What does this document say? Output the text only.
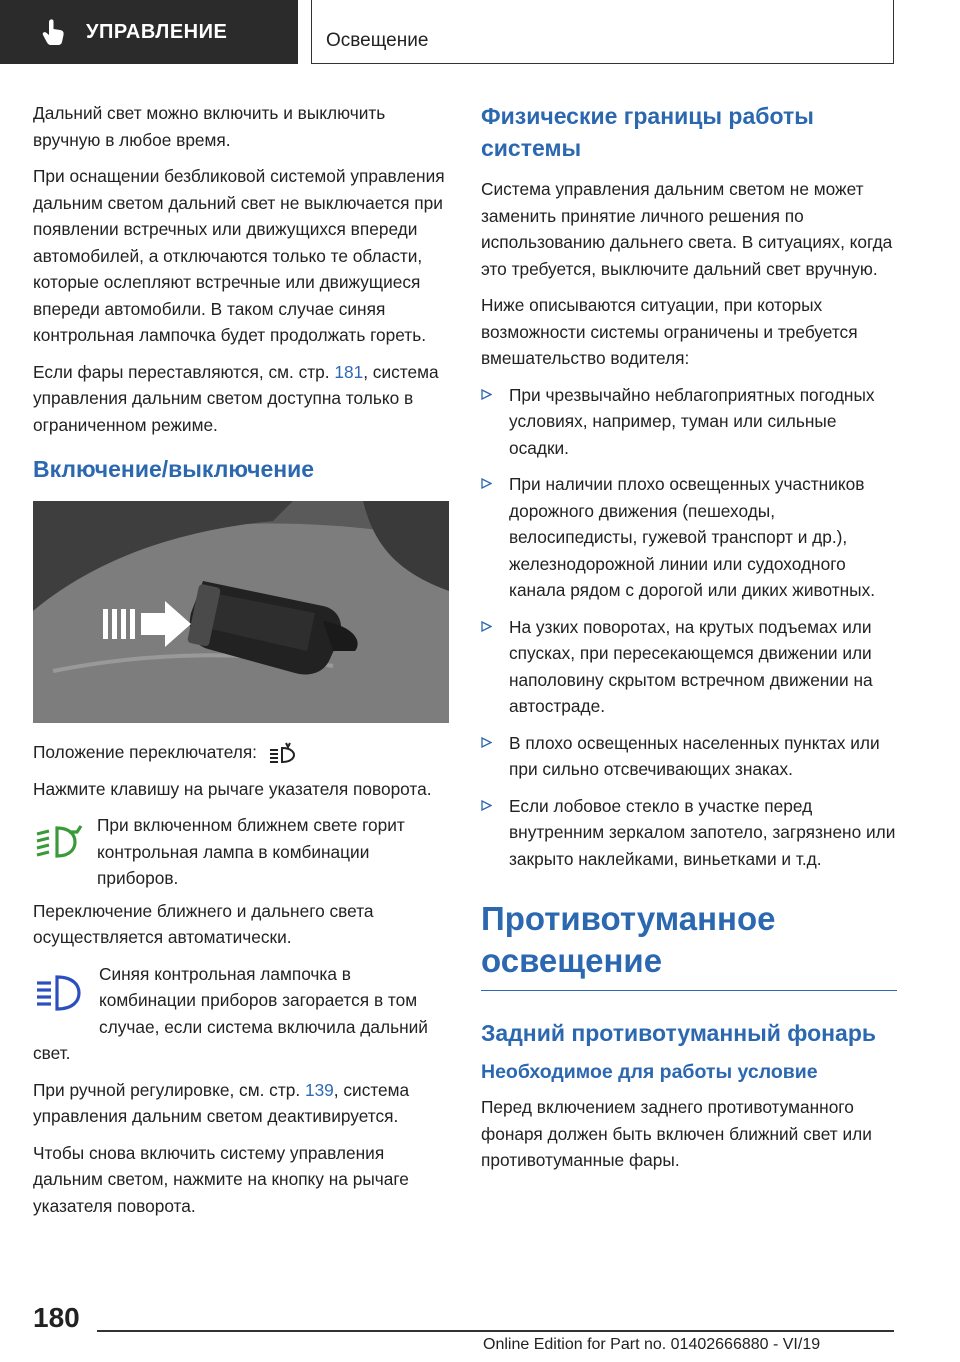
УПРАВЛЕНИЕ	Освещение

Дальний свет можно включить и выключить вручную в любое время.

При оснащении безбликовой системой управления дальним светом дальний свет не выключается при появлении встречных или движущихся впереди автомобилей, а отключаются только те области, которые ослепляют встречные или движущиеся впереди автомобили. В таком случае синяя контрольная лампочка будет продолжать гореть.

Если фары переставляются, см. стр. 181, система управления дальним светом доступна только в ограниченном режиме.

Включение/выключение

Положение переключателя:

Нажмите клавишу на рычаге указателя поворота.

При включенном ближнем свете горит контрольная лампа в комбинации приборов.

Переключение ближнего и дальнего света осуществляется автоматически.

Синяя контрольная лампочка в комбинации приборов загорается в том случае, если система включила дальний

свет.

При ручной регулировке, см. стр. 139, система управления дальним светом деактивируется.

Чтобы снова включить систему управления дальним светом, нажмите на кнопку на рычаге указателя поворота.

Физические границы работы системы

Система управления дальним светом не может заменить принятие личного решения по использованию дальнего света. В ситуациях, когда это требуется, выключите дальний свет вручную.

Ниже описываются ситуации, при которых возможности системы ограничены и требуется вмешательство водителя:

При чрезвычайно неблагоприятных погодных условиях, например, туман или сильные осадки.
При наличии плохо освещенных участников дорожного движения (пешеходы, велосипедисты, гужевой транспорт и др.), железнодорожной линии или судоходного канала рядом с дорогой или диких животных.
На узких поворотах, на крутых подъемах или спусках, при пересекающемся движении или наполовину скрытом встречном движении на автостраде.
В плохо освещенных населенных пунктах или при сильно отсвечивающих знаках.
Если лобовое стекло в участке перед внутренним зеркалом запотело, загрязнено или закрыто наклейками, виньетками и т.д.
Противотуманное освещение
Задний противотуманный фонарь
Необходимое для работы условие

Перед включением заднего противотуманного фонаря должен быть включен ближний свет или противотуманные фары.

180
Online Edition for Part no. 01402666880 - VI/19
